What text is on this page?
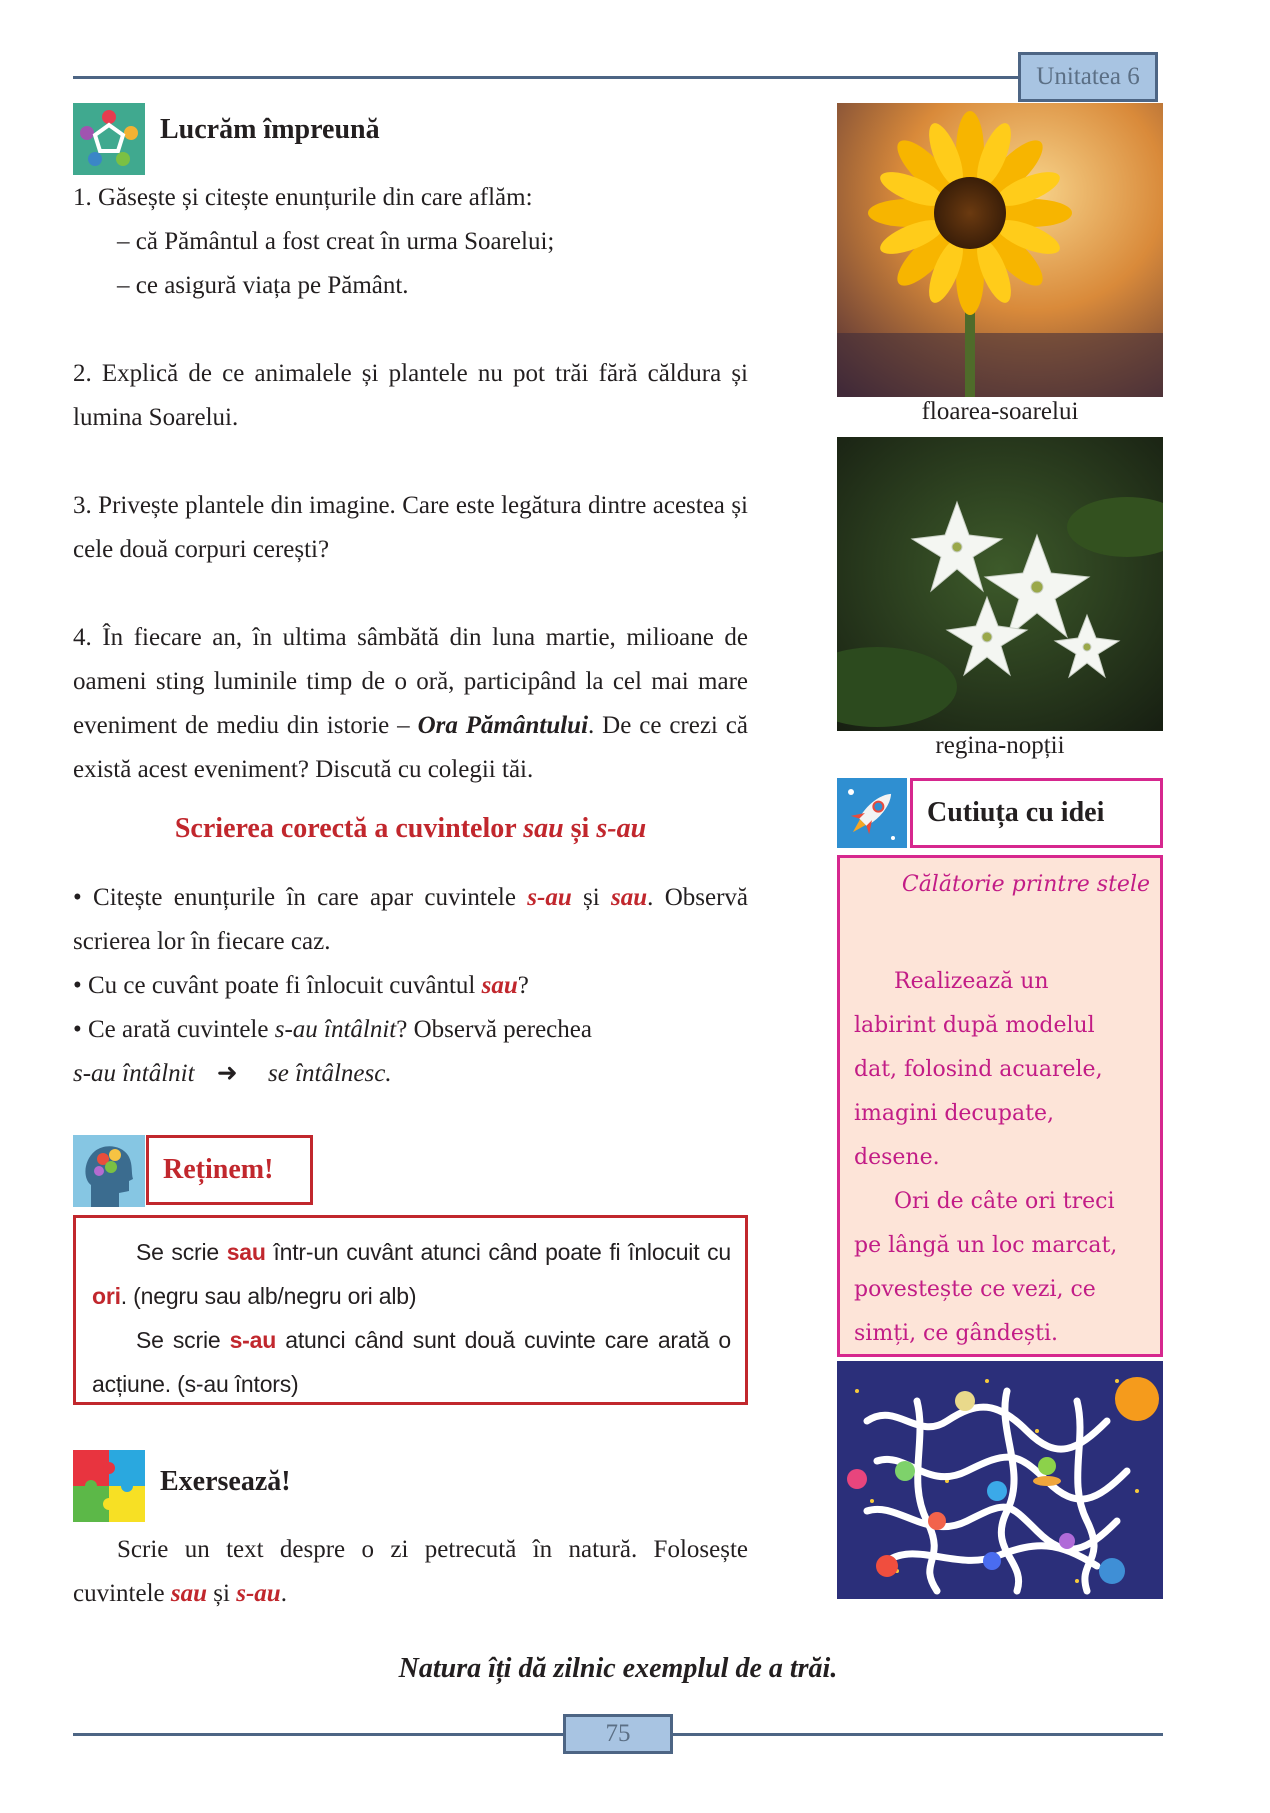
Unitatea 6
Lucrăm împreună
1. Găsește și citește enunțurile din care aflăm:
– că Pământul a fost creat în urma Soarelui;
– ce asigură viața pe Pământ.
2. Explică de ce animalele și plantele nu pot trăi fără căldura și lumina Soarelui.
3. Privește plantele din imagine. Care este legătura dintre acestea și cele două corpuri cerești?
4. În fiecare an, în ultima sâmbătă din luna martie, milioane de oameni sting luminile timp de o oră, participând la cel mai mare eveniment de mediu din istorie – Ora Pământului. De ce crezi că există acest eveniment? Discută cu colegii tăi.
Scrierea corectă a cuvintelor sau și s-au
• Citește enunțurile în care apar cuvintele s-au și sau. Observă scrierea lor în fiecare caz.
• Cu ce cuvânt poate fi înlocuit cuvântul sau?
• Ce arată cuvintele s-au întâlnit? Observă perechea
s-au întâlnit ➜ se întâlnesc.
Reținem!
Se scrie sau într-un cuvânt atunci când poate fi înlocuit cu ori. (negru sau alb/negru ori alb)
Se scrie s-au atunci când sunt două cuvinte care arată o acțiune. (s-au întors)
Exersează!
Scrie un text despre o zi petrecută în natură. Folosește cuvintele sau și s-au.
floarea-soarelui
regina-nopții
Cutiuța cu idei
Călătorie printre stele
Realizează un labirint după modelul dat, folosind acuarele, imagini decupate, desene.
Ori de câte ori treci pe lângă un loc marcat, povestește ce vezi, ce simți, ce gândești.
Natura îți dă zilnic exemplul de a trăi.
75
